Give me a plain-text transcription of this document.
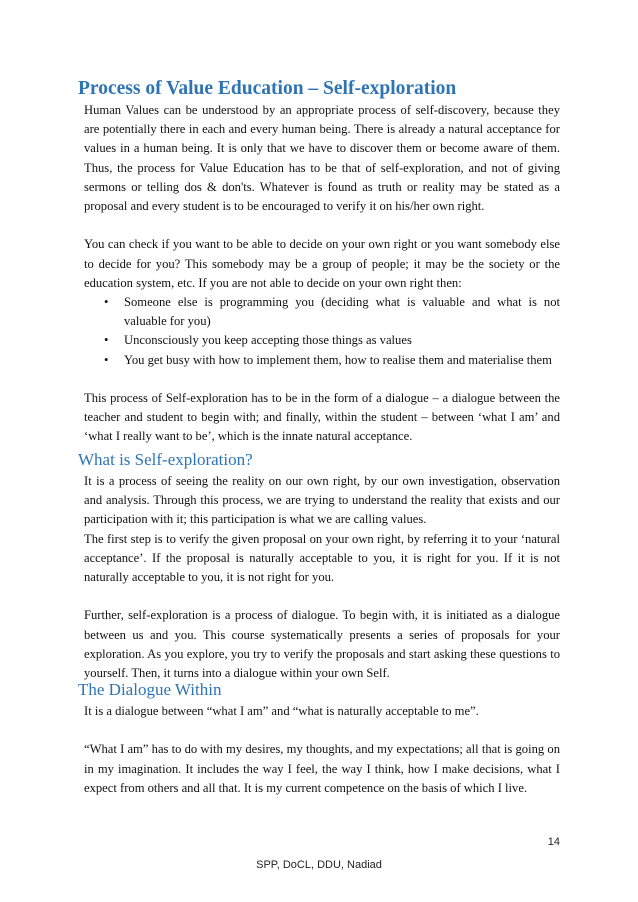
Process of Value Education – Self-exploration

Human Values can be understood by an appropriate process of self-discovery, because they are potentially there in each and every human being. There is already a natural acceptance for values in a human being. It is only that we have to discover them or become aware of them. Thus, the process for Value Education has to be that of self-exploration, and not of giving sermons or telling dos & don'ts. Whatever is found as truth or reality may be stated as a proposal and every student is to be encouraged to verify it on his/her own right.

You can check if you want to be able to decide on your own right or you want somebody else to decide for you? This somebody may be a group of people; it may be the society or the education system, etc. If you are not able to decide on your own right then:

• Someone else is programming you (deciding what is valuable and what is not valuable for you)
• Unconsciously you keep accepting those things as values
• You get busy with how to implement them, how to realise them and materialise them

This process of Self-exploration has to be in the form of a dialogue – a dialogue between the teacher and student to begin with; and finally, within the student – between ‘what I am’ and ‘what I really want to be’, which is the innate natural acceptance.

What is Self-exploration?

It is a process of seeing the reality on our own right, by our own investigation, observation and analysis. Through this process, we are trying to understand the reality that exists and our participation with it; this participation is what we are calling values.

The first step is to verify the given proposal on your own right, by referring it to your ‘natural acceptance’. If the proposal is naturally acceptable to you, it is right for you. If it is not naturally acceptable to you, it is not right for you.

Further, self-exploration is a process of dialogue. To begin with, it is initiated as a dialogue between us and you. This course systematically presents a series of proposals for your exploration. As you explore, you try to verify the proposals and start asking these questions to yourself. Then, it turns into a dialogue within your own Self.

The Dialogue Within

It is a dialogue between “what I am” and “what is naturally acceptable to me”.

“What I am” has to do with my desires, my thoughts, and my expectations; all that is going on in my imagination. It includes the way I feel, the way I think, how I make decisions, what I expect from others and all that. It is my current competence on the basis of which I live.

14
SPP, DoCL, DDU, Nadiad
